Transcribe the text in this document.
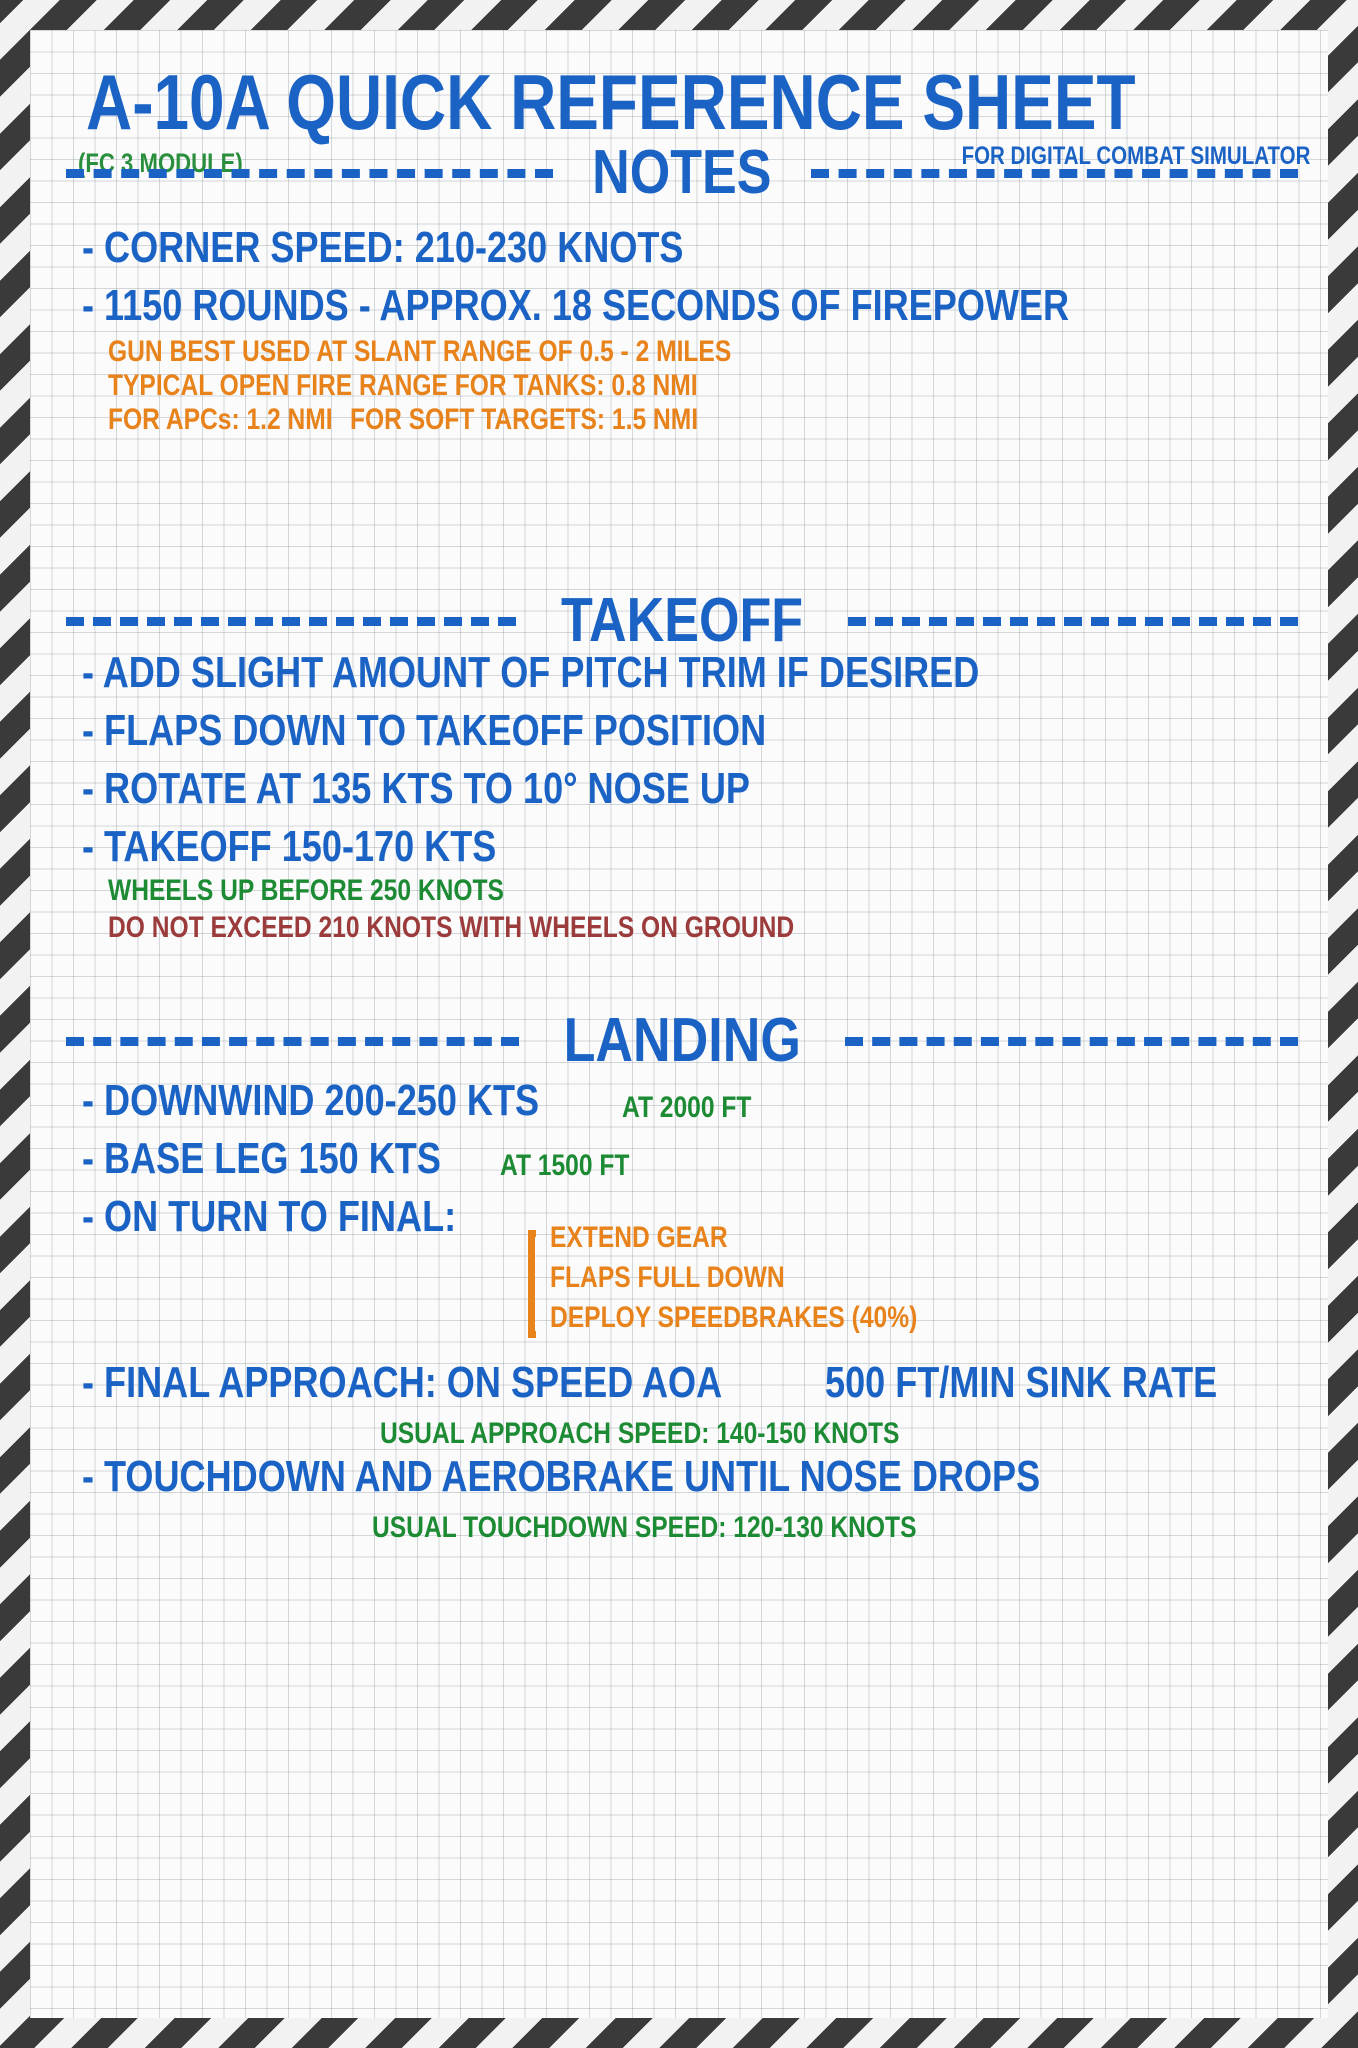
A-10A QUICK REFERENCE SHEET
(FC 3 MODULE)	FOR DIGITAL COMBAT SIMULATOR
NOTES
- CORNER SPEED: 210-230 KNOTS
- 1150 ROUNDS - APPROX. 18 SECONDS OF FIREPOWER
GUN BEST USED AT SLANT RANGE OF 0.5 - 2 MILES
TYPICAL OPEN FIRE RANGE FOR TANKS: 0.8 NMI
FOR APCs: 1.2 NMI FOR SOFT TARGETS: 1.5 NMI
TAKEOFF
- ADD SLIGHT AMOUNT OF PITCH TRIM IF DESIRED
- FLAPS DOWN TO TAKEOFF POSITION
- ROTATE AT 135 KTS TO 10° NOSE UP
- TAKEOFF 150-170 KTS
WHEELS UP BEFORE 250 KNOTS
DO NOT EXCEED 210 KNOTS WITH WHEELS ON GROUND
LANDING
- DOWNWIND 200-250 KTS	AT 2000 FT
- BASE LEG 150 KTS AT 1500 FT
- ON TURN TO FINAL:	EXTEND GEAR
FLAPS FULL DOWN
DEPLOY SPEEDBRAKES (40%)
- FINAL APPROACH: ON SPEED AOA 500 FT/MIN SINK RATE
USUAL APPROACH SPEED: 140-150 KNOTS
- TOUCHDOWN AND AEROBRAKE UNTIL NOSE DROPS
USUAL TOUCHDOWN SPEED: 120-130 KNOTS
